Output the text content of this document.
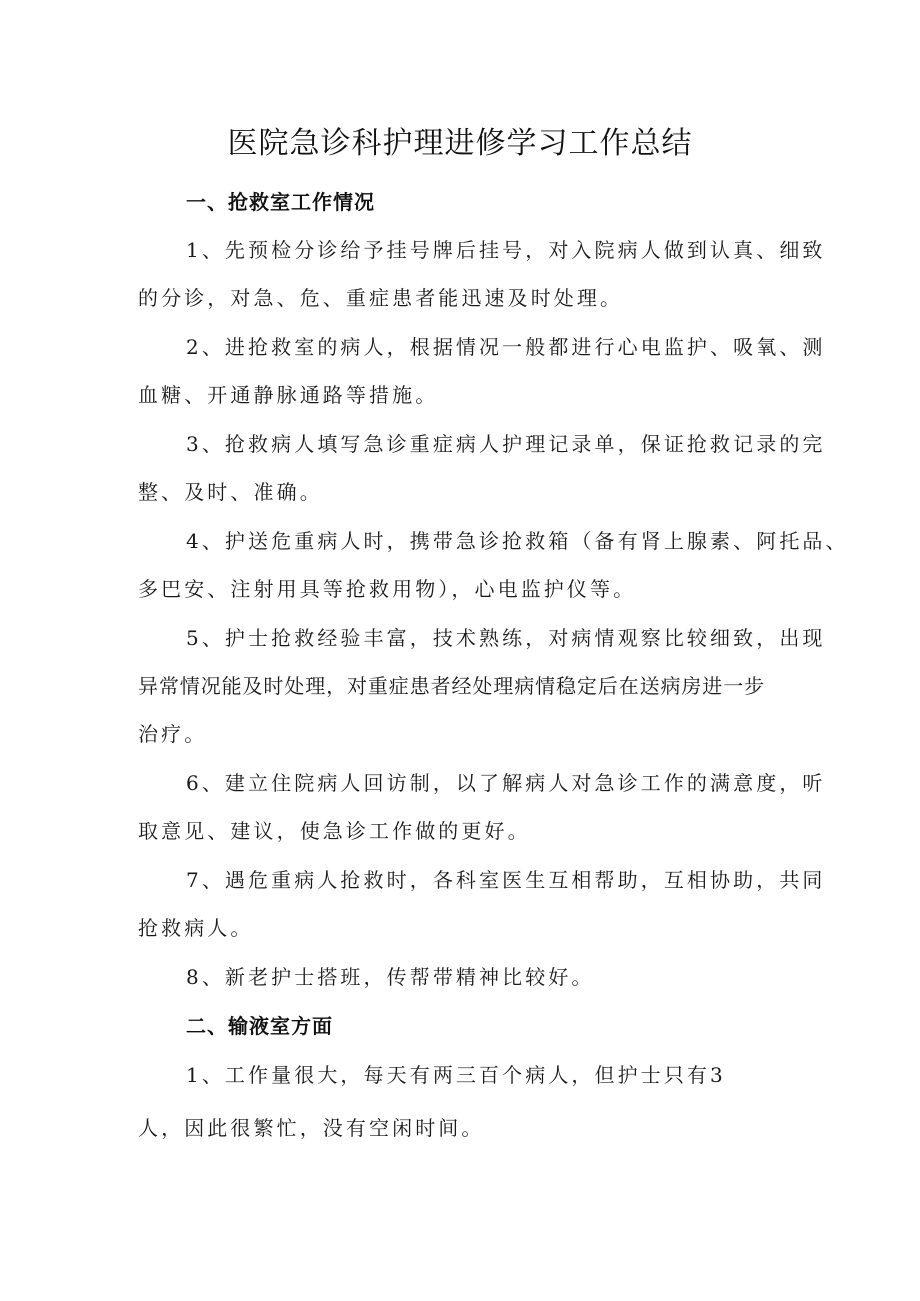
医院急诊科护理进修学习工作总结
一、抢救室工作情况
1、先预检分诊给予挂号牌后挂号，对入院病人做到认真、细致
的分诊，对急、危、重症患者能迅速及时处理。
2、进抢救室的病人，根据情况一般都进行心电监护、吸氧、测
血糖、开通静脉通路等措施。
3、抢救病人填写急诊重症病人护理记录单，保证抢救记录的完
整、及时、准确。
4、护送危重病人时，携带急诊抢救箱（备有肾上腺素、阿托品、
多巴安、注射用具等抢救用物），心电监护仪等。
5、护士抢救经验丰富，技术熟练，对病情观察比较细致，出现
异常情况能及时处理，对重症患者经处理病情稳定后在送病房进一步
治疗。
6、建立住院病人回访制，以了解病人对急诊工作的满意度，听
取意见、建议，使急诊工作做的更好。
7、遇危重病人抢救时，各科室医生互相帮助，互相协助，共同
抢救病人。
8、新老护士搭班，传帮带精神比较好。
二、输液室方面
1、工作量很大，每天有两三百个病人，但护士只有3
人，因此很繁忙，没有空闲时间。
